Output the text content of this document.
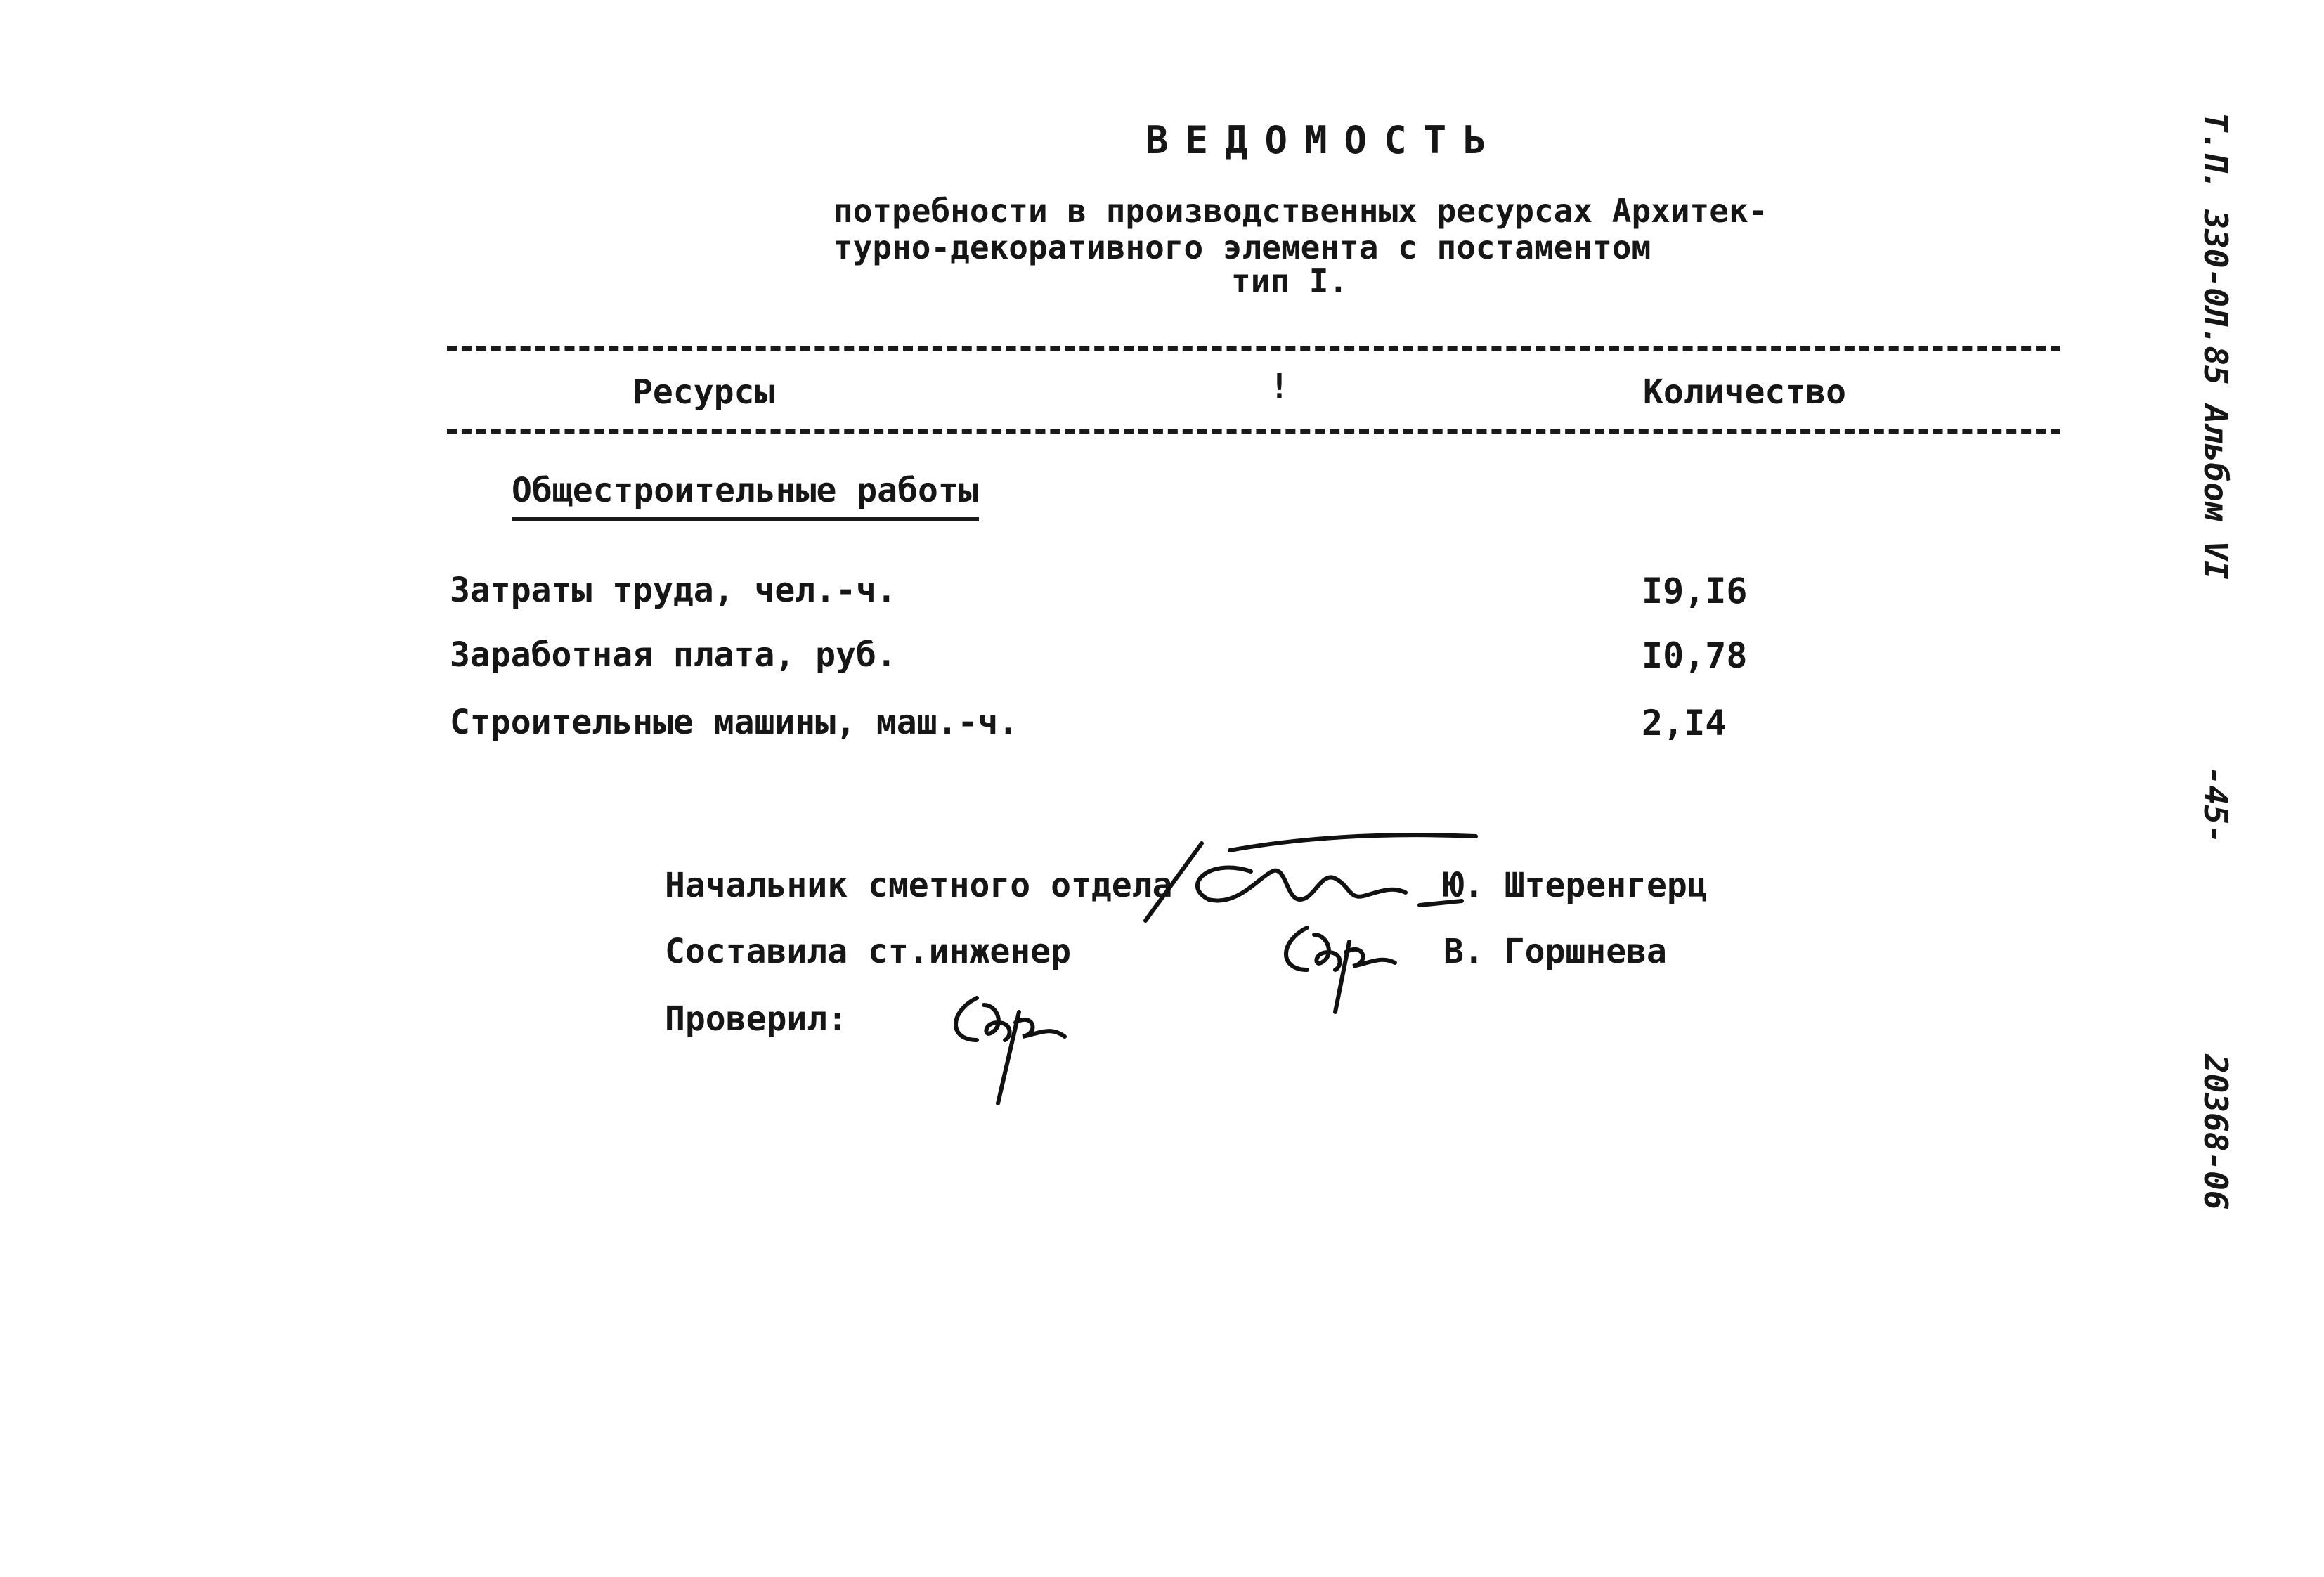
ВЕДОМОСТЬ
потребности в производственных ресурсах Архитек-
турно-декоративного элемента с постаментом
тип I.
Ресурсы	!	Количество
Общестроительные работы
Затраты труда, чел.-ч.	I9,I6
Заработная плата, руб.	I0,78
Строительные машины, маш.-ч.	2,I4
Начальник сметного отдела	Ю. Штеренгерц
Составила ст.инженер	В. Горшнева
Проверил:
Т.П. 330-0Л.85 Альбом VI
-45-
20368-06
